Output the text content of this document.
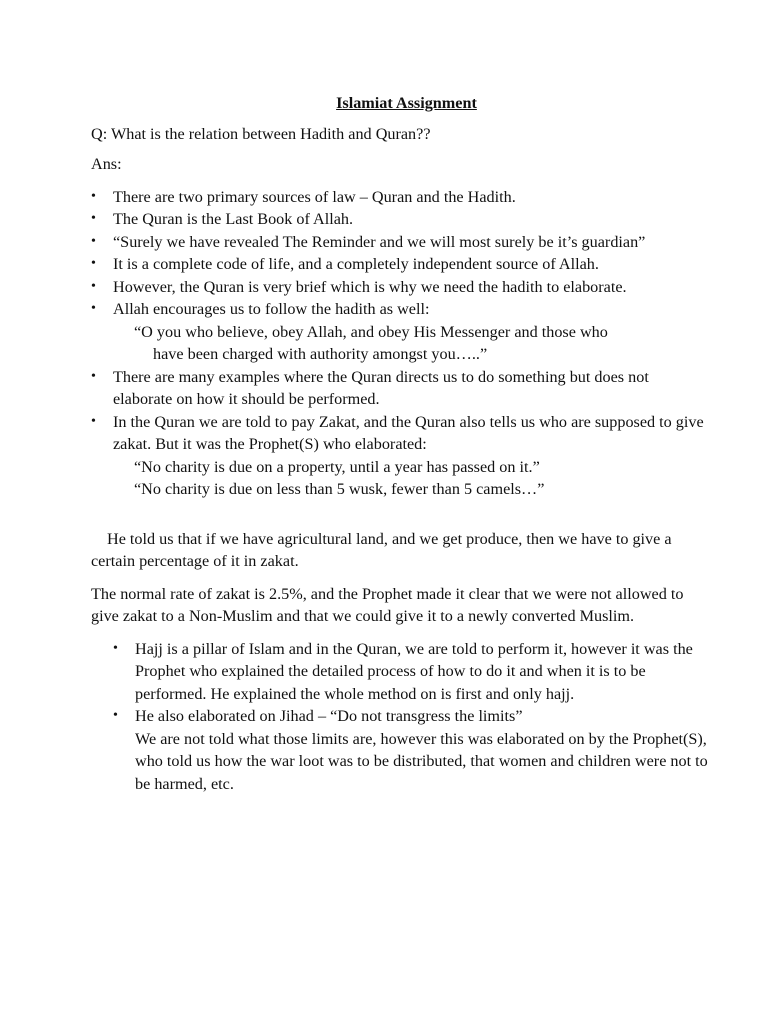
Islamiat Assignment

Q: What is the relation between Hadith and Quran??

Ans:

•	There are two primary sources of law – Quran and the Hadith.
•	The Quran is the Last Book of Allah.
•	“Surely we have revealed The Reminder and we will most surely be it’s guardian”
•	It is a complete code of life, and a completely independent source of Allah.
•	However, the Quran is very brief which is why we need the hadith to elaborate.
•	Allah encourages us to follow the hadith as well:
“O you who believe, obey Allah, and obey His Messenger and those who
have been charged with authority amongst you…..”
•	There are many examples where the Quran directs us to do something but does not elaborate on how it should be performed.
•	In the Quran we are told to pay Zakat, and the Quran also tells us who are supposed to give zakat. But it was the Prophet(S) who elaborated:
“No charity is due on a property, until a year has passed on it.”
“No charity is due on less than 5 wusk, fewer than 5 camels…”

He told us that if we have agricultural land, and we get produce, then we have to give a certain percentage of it in zakat.

The normal rate of zakat is 2.5%, and the Prophet made it clear that we were not allowed to give zakat to a Non-Muslim and that we could give it to a newly converted Muslim.

• Hajj is a pillar of Islam and in the Quran, we are told to perform it, however it was the Prophet who explained the detailed process of how to do it and when it is to be performed. He explained the whole method on is first and only hajj.
• He also elaborated on Jihad – “Do not transgress the limits”
We are not told what those limits are, however this was elaborated on by the Prophet(S), who told us how the war loot was to be distributed, that women and children were not to be harmed, etc.
